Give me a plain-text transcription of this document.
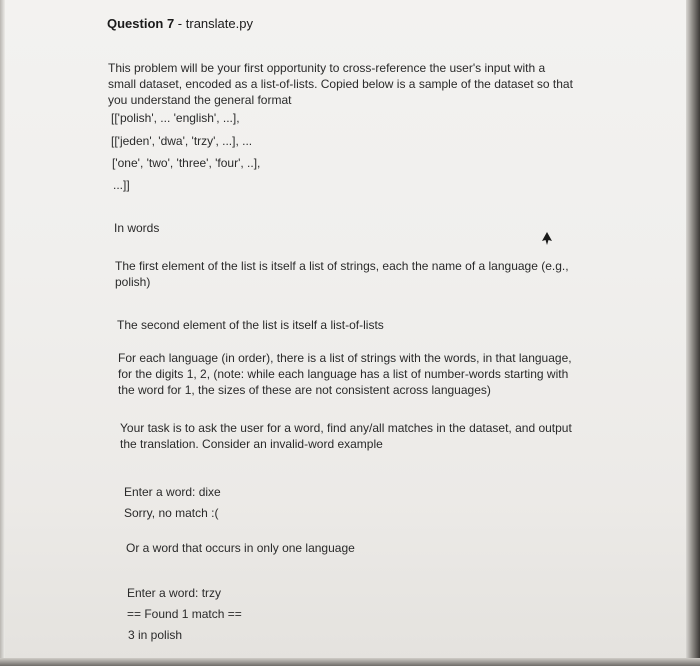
Question 7 - translate.py
This problem will be your first opportunity to cross-reference the user's input with a
small dataset, encoded as a list-of-lists. Copied below is a sample of the dataset so that
you understand the general format
[['polish', ... 'english', ...],
[['jeden', 'dwa', 'trzy', ...], ...
['one', 'two', 'three', 'four', ..],
...]]
In words
The first element of the list is itself a list of strings, each the name of a language (e.g.,
polish)
The second element of the list is itself a list-of-lists
For each language (in order), there is a list of strings with the words, in that language,
for the digits 1, 2, (note: while each language has a list of number-words starting with
the word for 1, the sizes of these are not consistent across languages)
Your task is to ask the user for a word, find any/all matches in the dataset, and output
the translation. Consider an invalid-word example
Enter a word: dixe
Sorry, no match :(
Or a word that occurs in only one language
Enter a word: trzy
== Found 1 match ==
3 in polish
